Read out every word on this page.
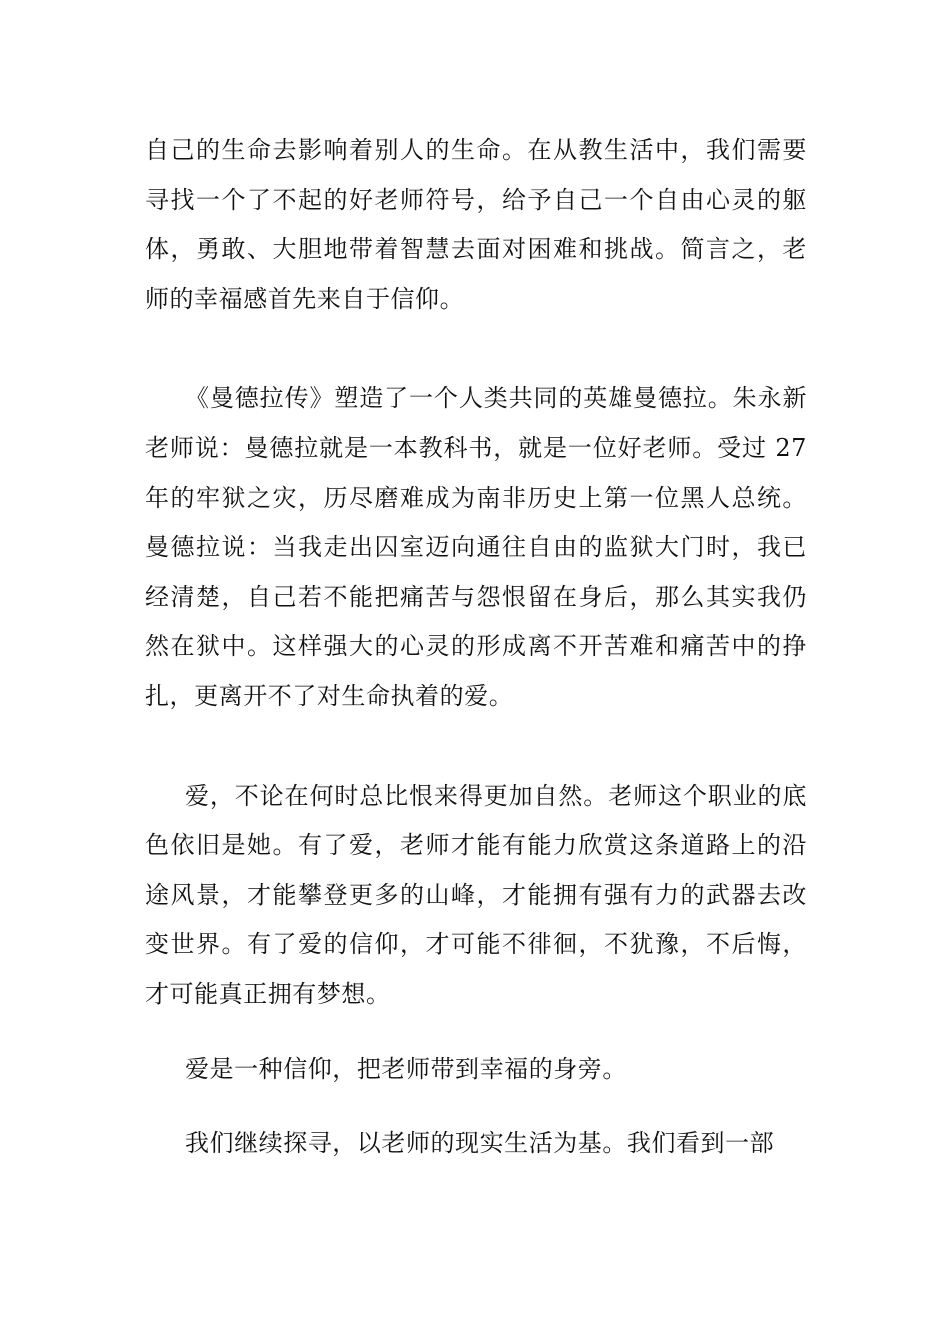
自己的生命去影响着别人的生命。在从教生活中，我们需要寻找一个了不起的好老师符号，给予自己一个自由心灵的躯体，勇敢、大胆地带着智慧去面对困难和挑战。简言之，老师的幸福感首先来自于信仰。

《曼德拉传》塑造了一个人类共同的英雄曼德拉。朱永新老师说：曼德拉就是一本教科书，就是一位好老师。受过 27 年的牢狱之灾，历尽磨难成为南非历史上第一位黑人总统。曼德拉说：当我走出囚室迈向通往自由的监狱大门时，我已经清楚，自己若不能把痛苦与怨恨留在身后，那么其实我仍然在狱中。这样强大的心灵的形成离不开苦难和痛苦中的挣扎，更离开不了对生命执着的爱。

爱，不论在何时总比恨来得更加自然。老师这个职业的底色依旧是她。有了爱，老师才能有能力欣赏这条道路上的沿途风景，才能攀登更多的山峰，才能拥有强有力的武器去改变世界。有了爱的信仰，才可能不徘徊，不犹豫，不后悔，才可能真正拥有梦想。

爱是一种信仰，把老师带到幸福的身旁。

我们继续探寻，以老师的现实生活为基。我们看到一部
